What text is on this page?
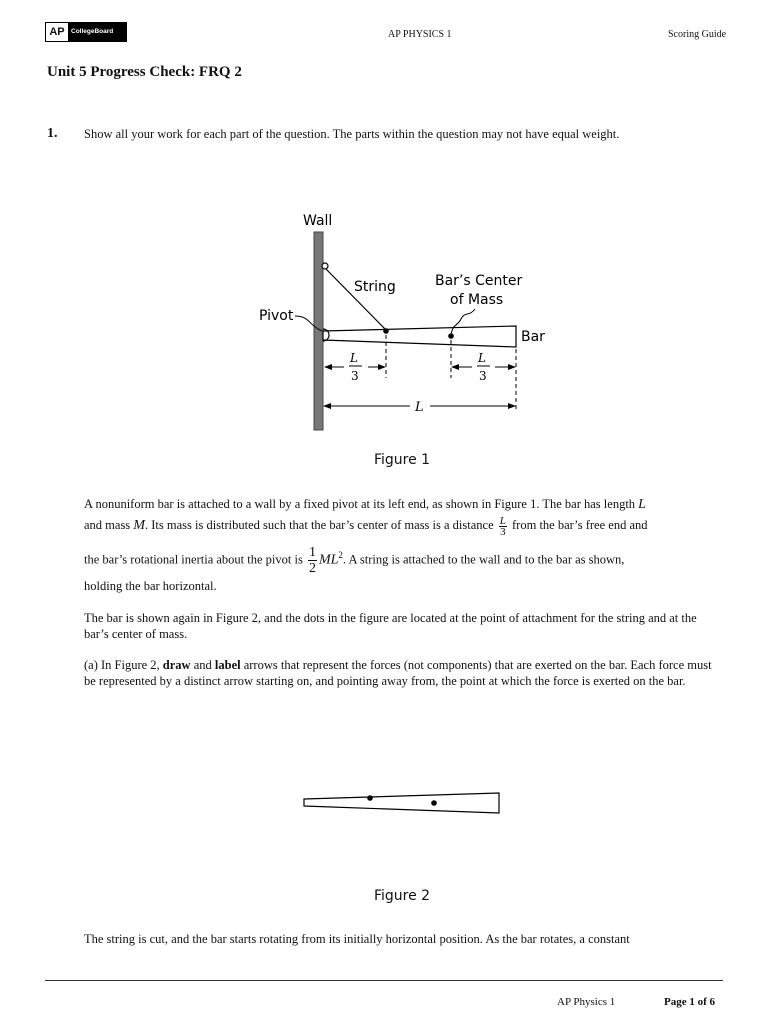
AP CollegeBoard	AP PHYSICS 1	Scoring Guide
Unit 5 Progress Check: FRQ 2
1. Show all your work for each part of the question. The parts within the question may not have equal weight.
Wall
String
Bar
Pivot
Bar’s Center
of Mass
L
3
L
3
L
Figure 1
A nonuniform bar is attached to a wall by a fixed pivot at its left end, as shown in Figure 1. The bar has length L
and mass M. Its mass is distributed such that the bar’s center of mass is a distance $\frac{L}{3}$ from the bar’s free end and

the bar’s rotational inertia about the pivot is $\frac{1}{2} ML^2$. A string is attached to the wall and to the bar as shown,
holding the bar horizontal.
The bar is shown again in Figure 2, and the dots in the figure are located at the point of attachment for the string and at the bar’s center of mass.
(a) In Figure 2, draw and label arrows that represent the forces (not components) that are exerted on the bar. Each force must be represented by a distinct arrow starting on, and pointing away from, the point at which the force is exerted on the bar.
Figure 2
The string is cut, and the bar starts rotating from its initially horizontal position. As the bar rotates, a constant
AP Physics 1	Page 1 of 6
